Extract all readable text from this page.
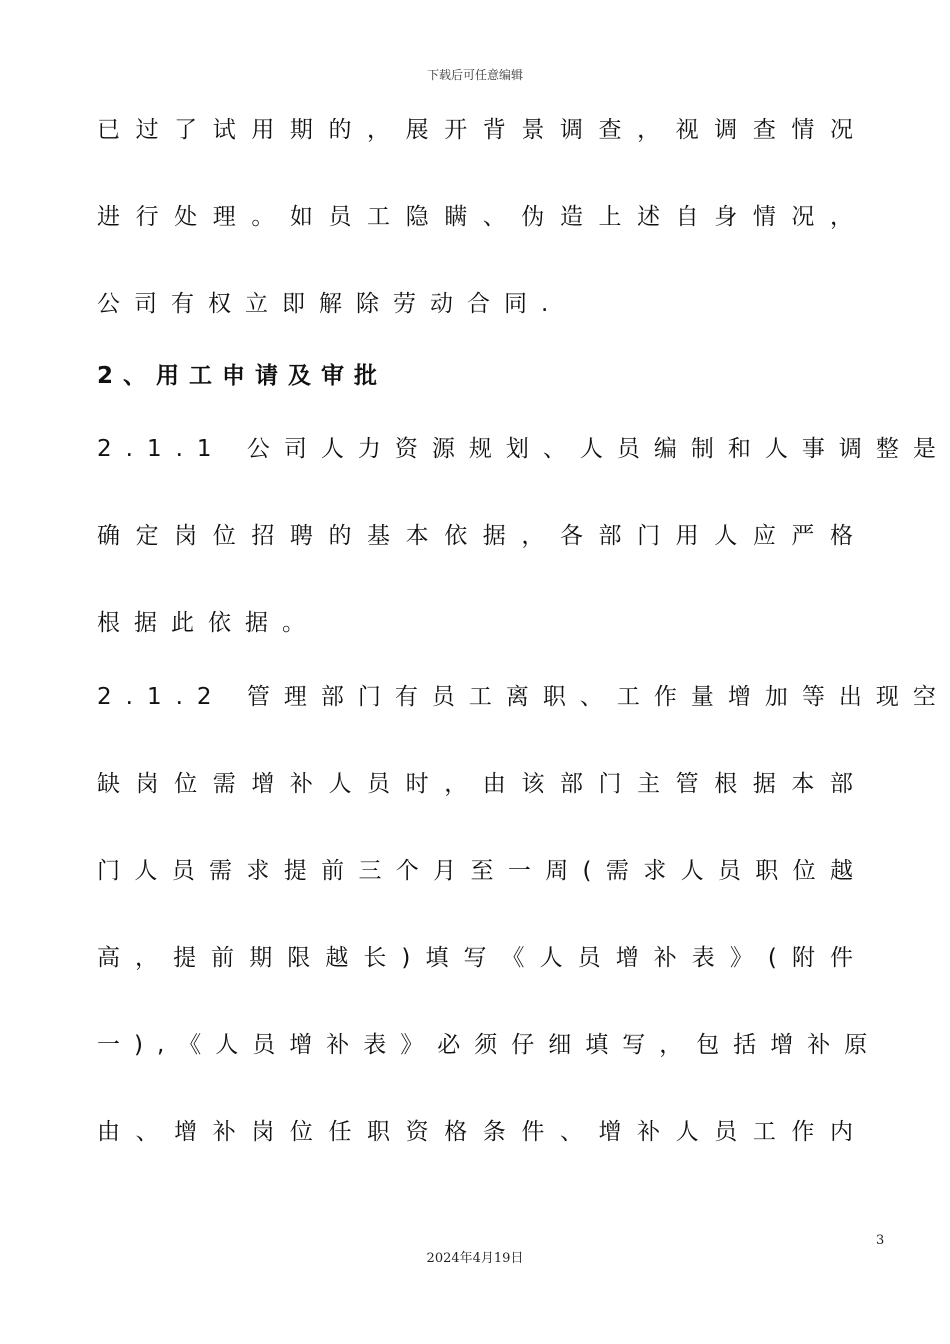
下载后可任意编辑
已过了试用期的，展开背景调查，视调查情况
进行处理。如员工隐瞒、伪造上述自身情况，
公司有权立即解除劳动合同.
2、用工申请及审批
2.1.1 公司人力资源规划、人员编制和人事调整是
确定岗位招聘的基本依据，各部门用人应严格
根据此依据。
2.1.2 管理部门有员工离职、工作量增加等出现空
缺岗位需增补人员时，由该部门主管根据本部
门人员需求提前三个月至一周(需求人员职位越
高，提前期限越长)填写《人员增补表》(附件
一),《人员增补表》必须仔细填写，包括增补原
由、增补岗位任职资格条件、增补人员工作内
3
2024年4月19日
